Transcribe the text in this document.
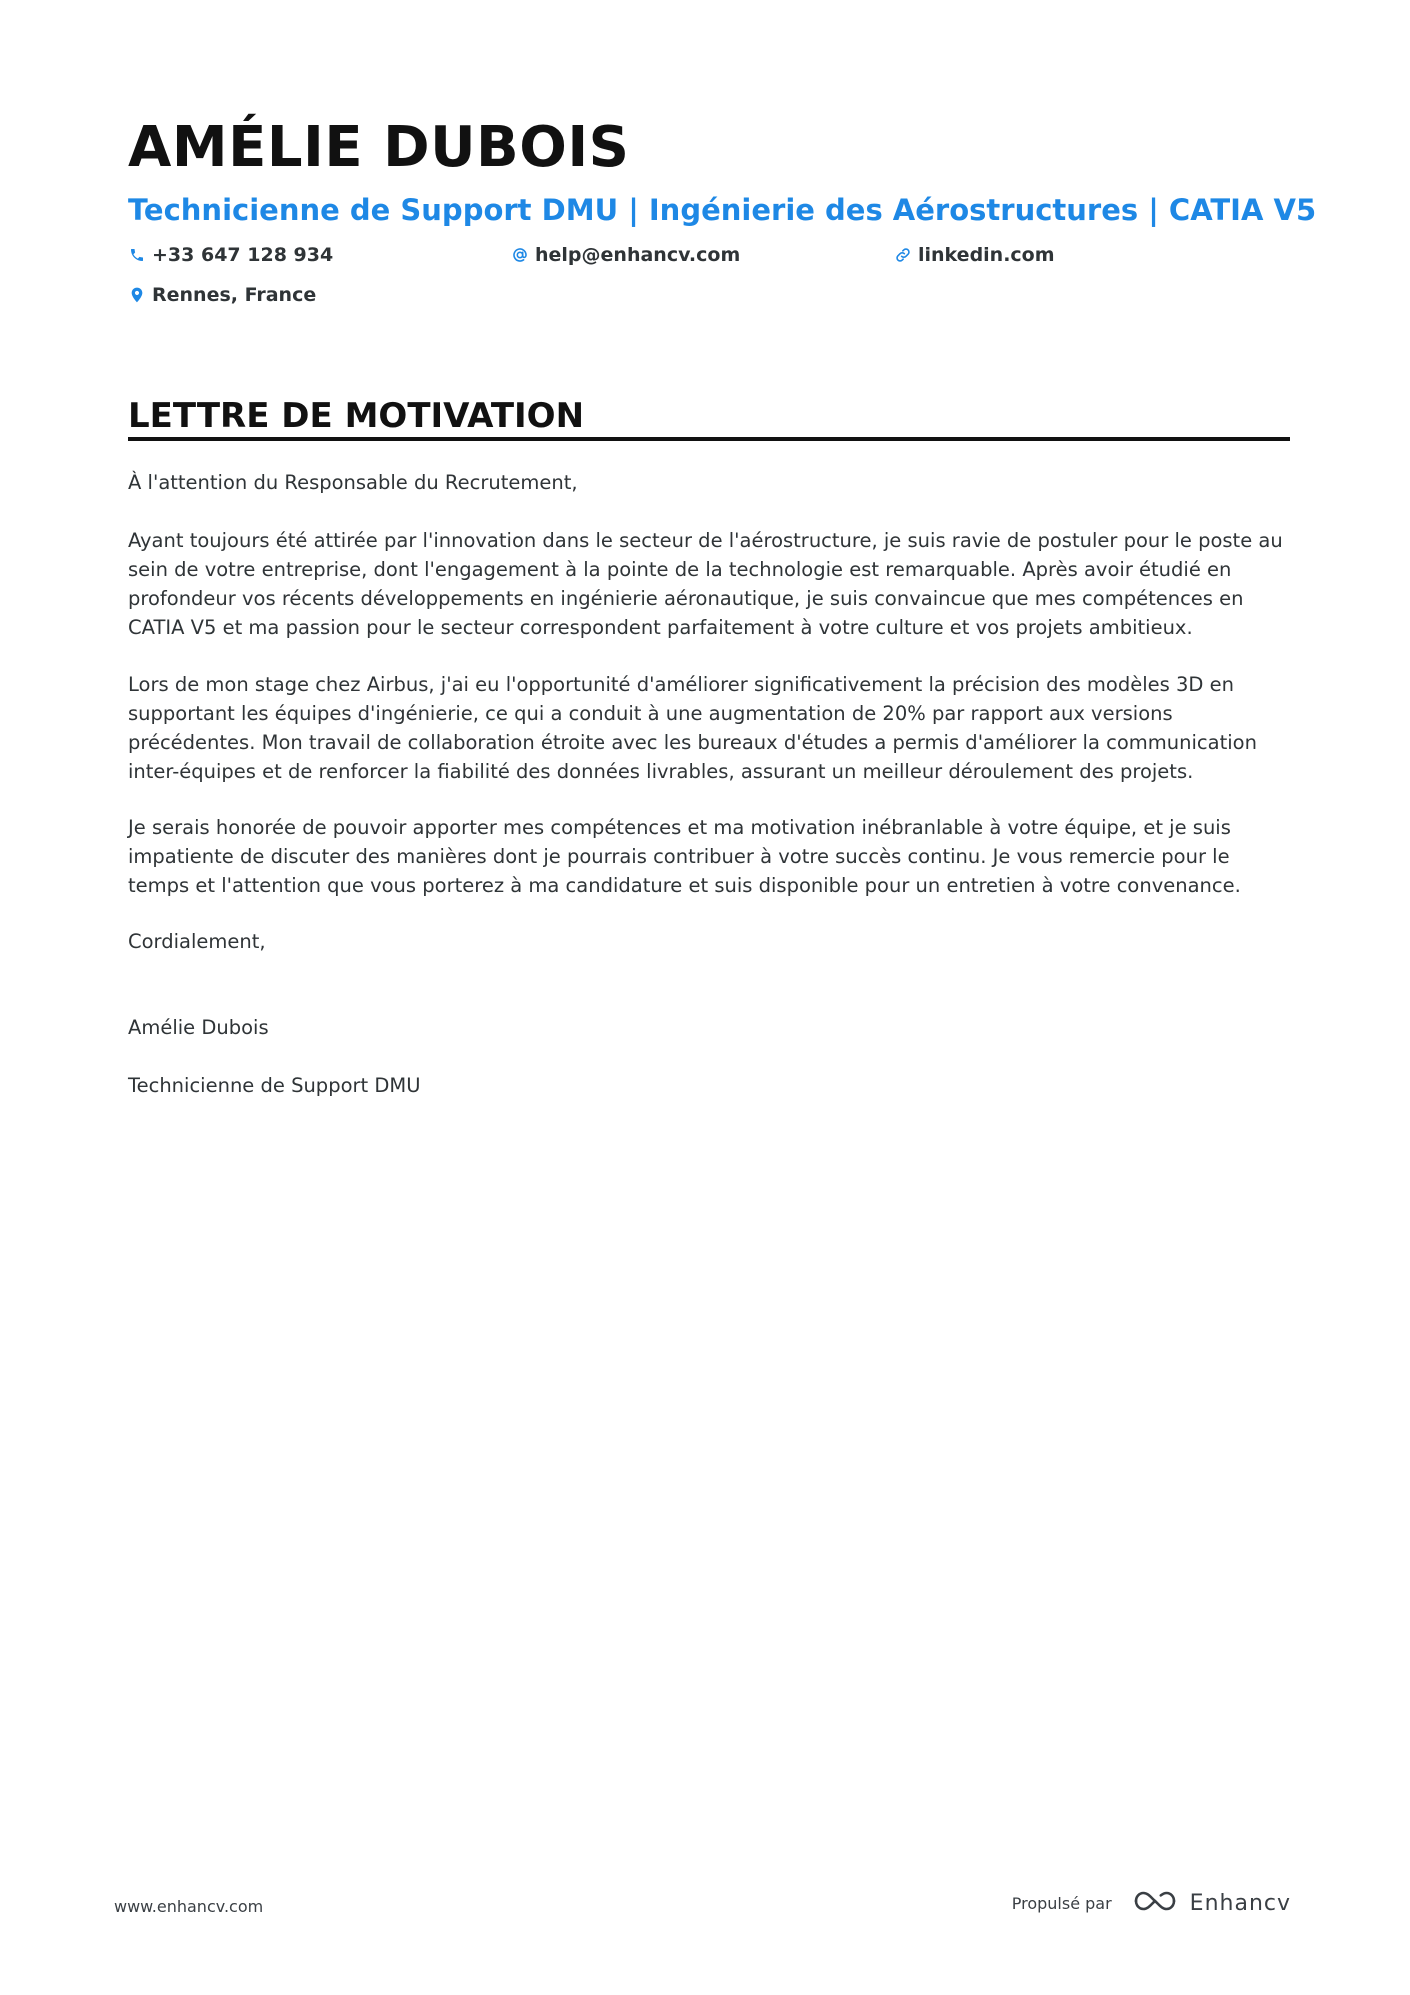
AMÉLIE DUBOIS
Technicienne de Support DMU | Ingénierie des Aérostructures | CATIA V5
+33 647 128 934	help@enhancv.com	linkedin.com
Rennes, France
LETTRE DE MOTIVATION

À l'attention du Responsable du Recrutement,

Ayant toujours été attirée par l'innovation dans le secteur de l'aérostructure, je suis ravie de postuler pour le poste au sein de votre entreprise, dont l'engagement à la pointe de la technologie est remarquable. Après avoir étudié en profondeur vos récents développements en ingénierie aéronautique, je suis convaincue que mes compétences en CATIA V5 et ma passion pour le secteur correspondent parfaitement à votre culture et vos projets ambitieux.

Lors de mon stage chez Airbus, j'ai eu l'opportunité d'améliorer significativement la précision des modèles 3D en supportant les équipes d'ingénierie, ce qui a conduit à une augmentation de 20% par rapport aux versions précédentes. Mon travail de collaboration étroite avec les bureaux d'études a permis d'améliorer la communication inter-équipes et de renforcer la fiabilité des données livrables, assurant un meilleur déroulement des projets.

Je serais honorée de pouvoir apporter mes compétences et ma motivation inébranlable à votre équipe, et je suis impatiente de discuter des manières dont je pourrais contribuer à votre succès continu. Je vous remercie pour le temps et l'attention que vous porterez à ma candidature et suis disponible pour un entretien à votre convenance.

Cordialement,

Amélie Dubois

Technicienne de Support DMU

www.enhancv.com	Propulsé par	Enhancv
